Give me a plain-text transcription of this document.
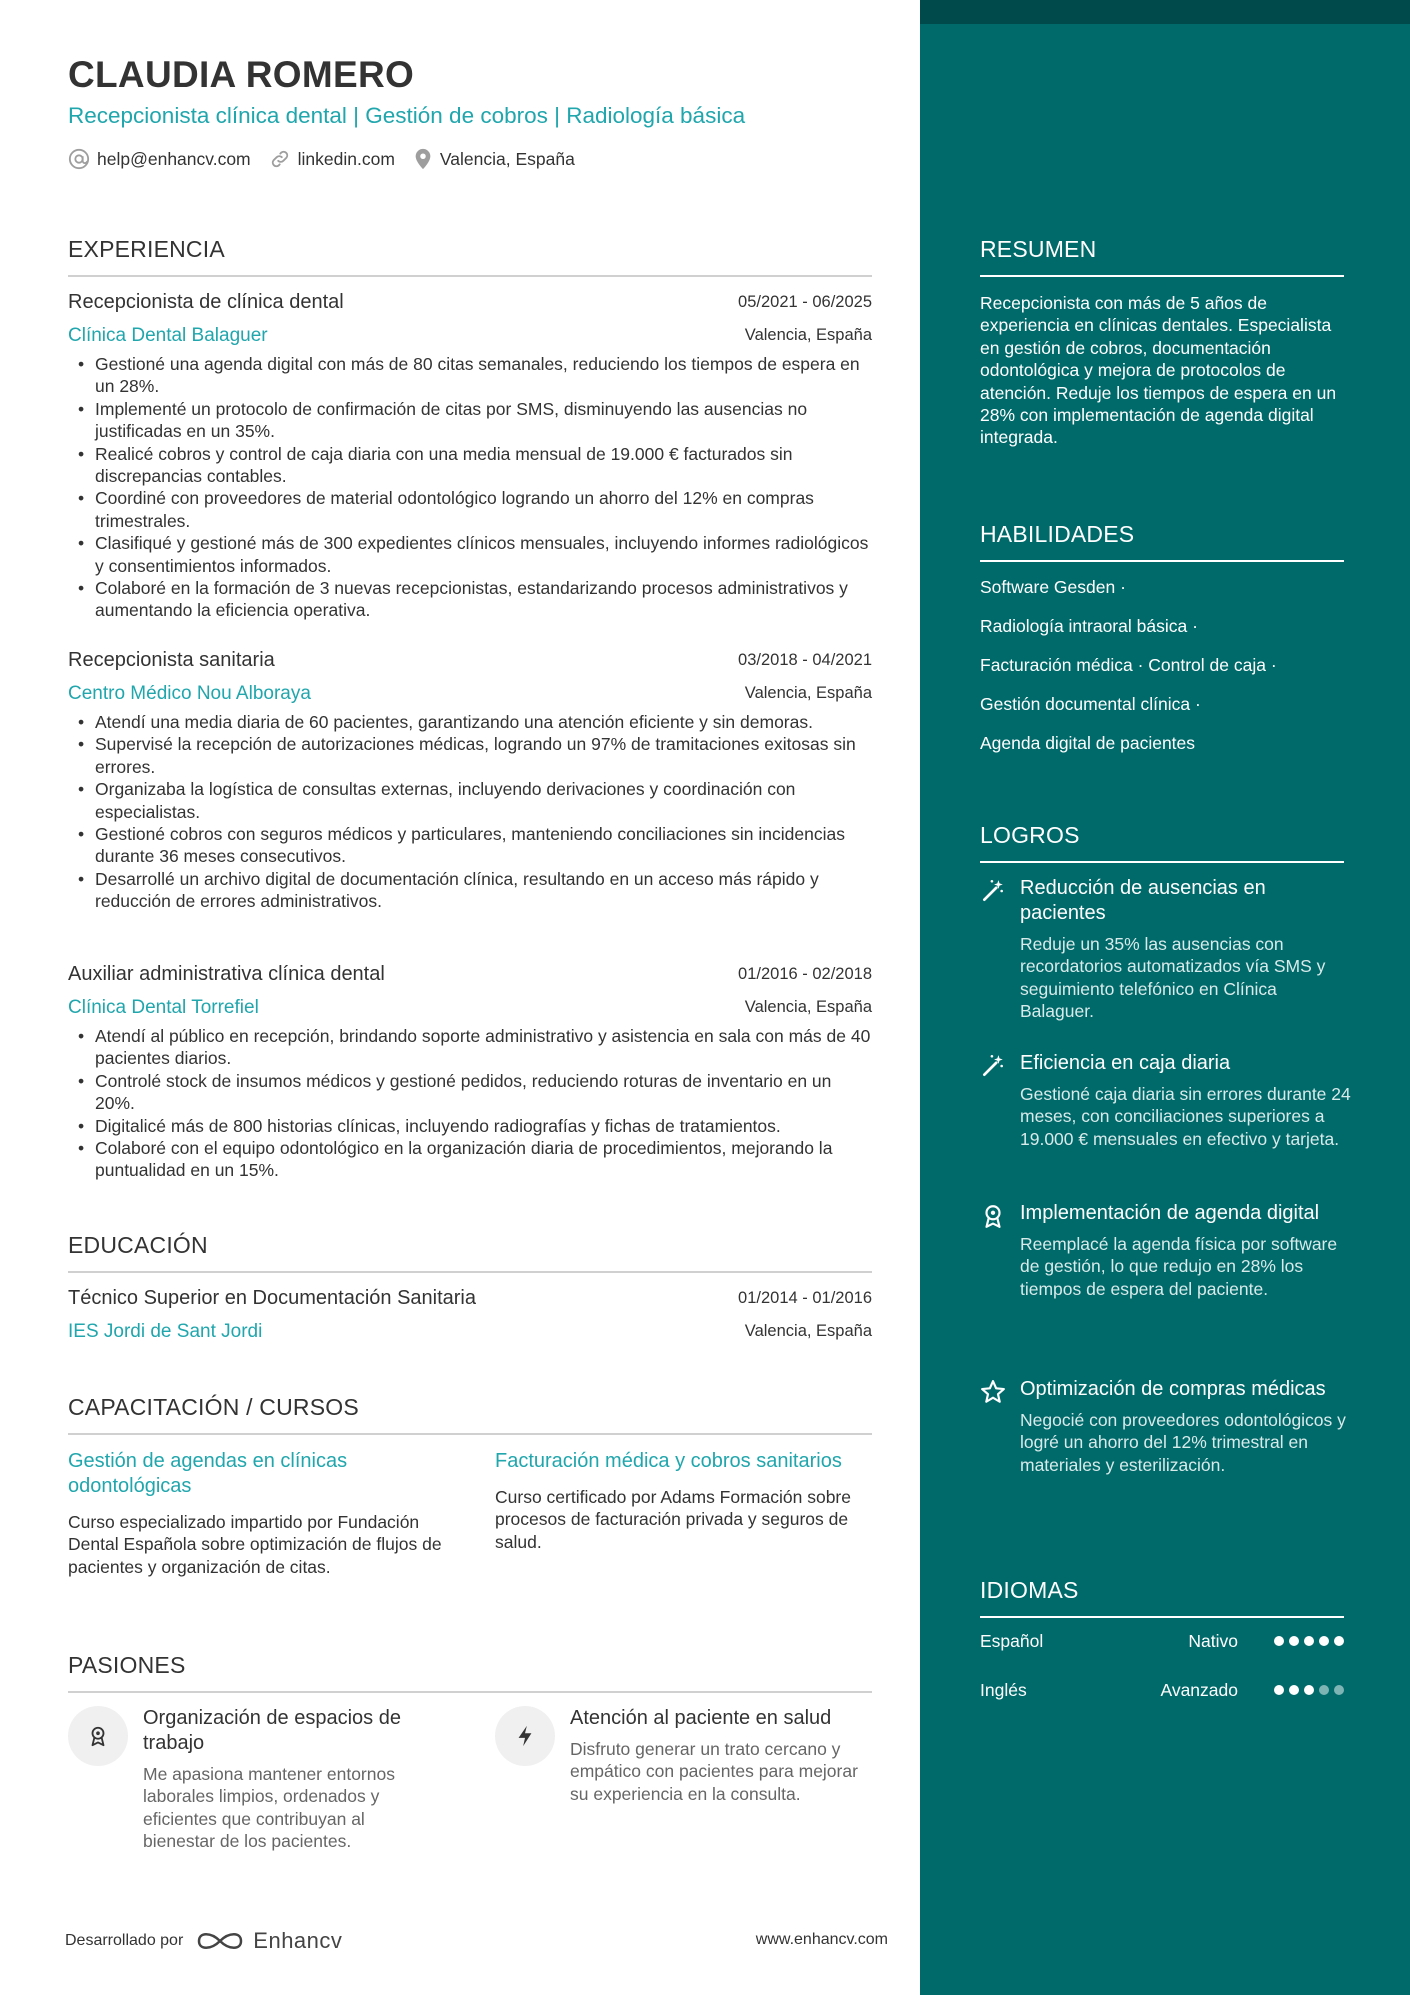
CLAUDIA ROMERO
Recepcionista clínica dental | Gestión de cobros | Radiología básica
help@enhancv.com	linkedin.com	Valencia, España
EXPERIENCIA
Recepcionista de clínica dental	05/2021 - 06/2025
Clínica Dental Balaguer	Valencia, España
• Gestioné una agenda digital con más de 80 citas semanales, reduciendo los tiempos de espera en un 28%.
• Implementé un protocolo de confirmación de citas por SMS, disminuyendo las ausencias no justificadas en un 35%.
• Realicé cobros y control de caja diaria con una media mensual de 19.000 € facturados sin discrepancias contables.
• Coordiné con proveedores de material odontológico logrando un ahorro del 12% en compras trimestrales.
• Clasifiqué y gestioné más de 300 expedientes clínicos mensuales, incluyendo informes radiológicos y consentimientos informados.
• Colaboré en la formación de 3 nuevas recepcionistas, estandarizando procesos administrativos y aumentando la eficiencia operativa.
Recepcionista sanitaria	03/2018 - 04/2021
Centro Médico Nou Alboraya	Valencia, España
• Atendí una media diaria de 60 pacientes, garantizando una atención eficiente y sin demoras.
• Supervisé la recepción de autorizaciones médicas, logrando un 97% de tramitaciones exitosas sin errores.
• Organizaba la logística de consultas externas, incluyendo derivaciones y coordinación con especialistas.
• Gestioné cobros con seguros médicos y particulares, manteniendo conciliaciones sin incidencias durante 36 meses consecutivos.
• Desarrollé un archivo digital de documentación clínica, resultando en un acceso más rápido y reducción de errores administrativos.
Auxiliar administrativa clínica dental	01/2016 - 02/2018
Clínica Dental Torrefiel	Valencia, España
• Atendí al público en recepción, brindando soporte administrativo y asistencia en sala con más de 40 pacientes diarios.
• Controlé stock de insumos médicos y gestioné pedidos, reduciendo roturas de inventario en un 20%.
• Digitalicé más de 800 historias clínicas, incluyendo radiografías y fichas de tratamientos.
• Colaboré con el equipo odontológico en la organización diaria de procedimientos, mejorando la puntualidad en un 15%.
EDUCACIÓN
Técnico Superior en Documentación Sanitaria	01/2014 - 01/2016
IES Jordi de Sant Jordi	Valencia, España
CAPACITACIÓN / CURSOS
Gestión de agendas en clínicas odontológicas
Curso especializado impartido por Fundación Dental Española sobre optimización de flujos de pacientes y organización de citas.
Facturación médica y cobros sanitarios
Curso certificado por Adams Formación sobre procesos de facturación privada y seguros de salud.
PASIONES
Organización de espacios de trabajo
Me apasiona mantener entornos laborales limpios, ordenados y eficientes que contribuyan al bienestar de los pacientes.
Atención al paciente en salud
Disfruto generar un trato cercano y empático con pacientes para mejorar su experiencia en la consulta.
Desarrollado por	Enhancv	www.enhancv.com
RESUMEN
Recepcionista con más de 5 años de experiencia en clínicas dentales. Especialista en gestión de cobros, documentación odontológica y mejora de protocolos de atención. Reduje los tiempos de espera en un 28% con implementación de agenda digital integrada.
HABILIDADES
Software Gesden ·
Radiología intraoral básica ·
Facturación médica · Control de caja ·
Gestión documental clínica ·
Agenda digital de pacientes
LOGROS
Reducción de ausencias en pacientes
Reduje un 35% las ausencias con recordatorios automatizados vía SMS y seguimiento telefónico en Clínica Balaguer.
Eficiencia en caja diaria
Gestioné caja diaria sin errores durante 24 meses, con conciliaciones superiores a 19.000 € mensuales en efectivo y tarjeta.
Implementación de agenda digital
Reemplacé la agenda física por software de gestión, lo que redujo en 28% los tiempos de espera del paciente.
Optimización de compras médicas
Negocié con proveedores odontológicos y logré un ahorro del 12% trimestral en materiales y esterilización.
IDIOMAS
Español	Nativo
Inglés	Avanzado
